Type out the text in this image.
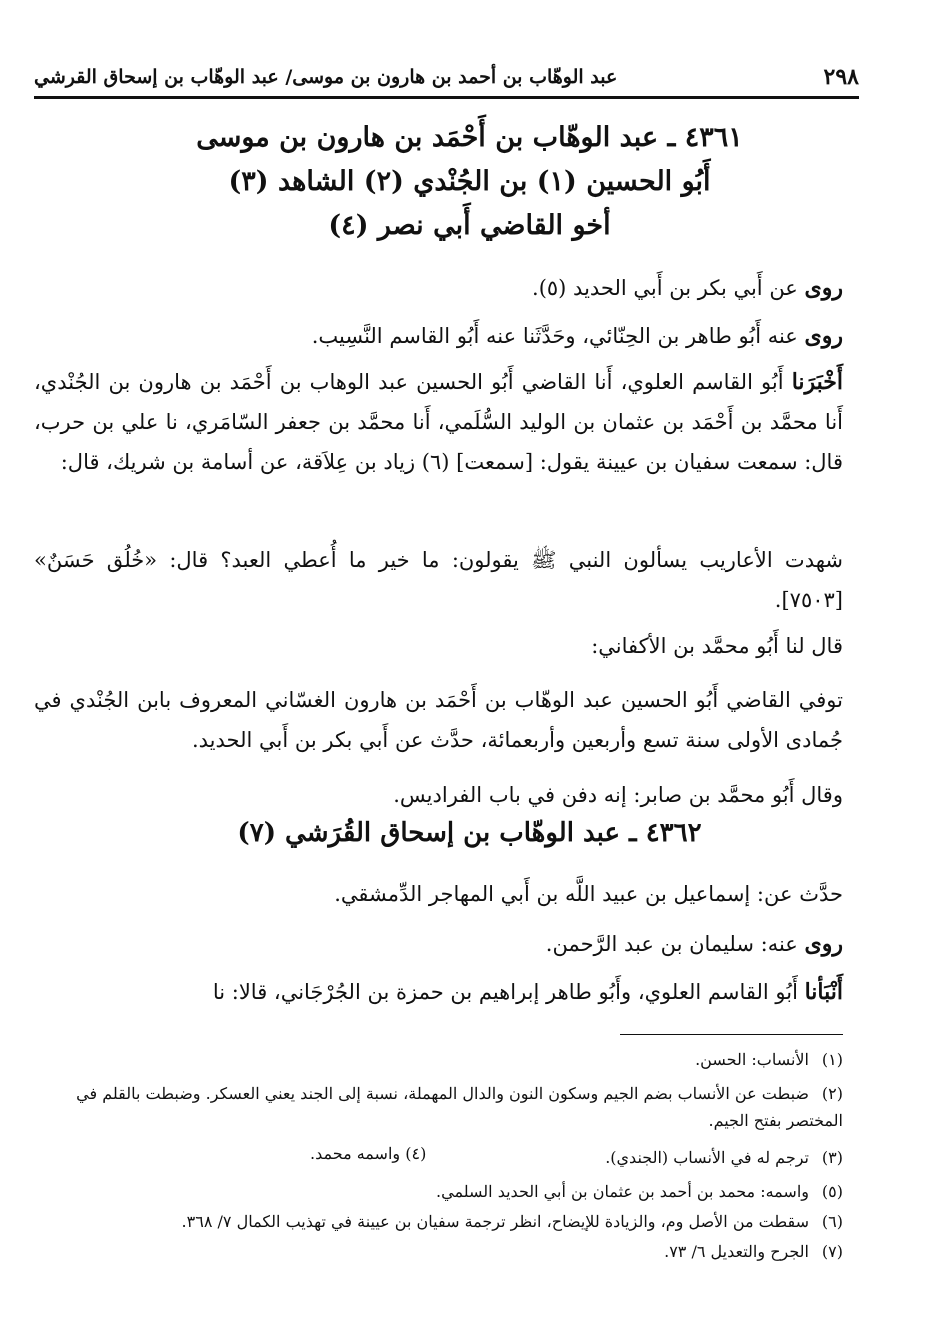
٢٩٨
عبد الوهّاب بن أحمد بن هارون بن موسى/ عبد الوهّاب بن إسحاق القرشي
٤٣٦١ ـ عبد الوهّاب بن أَحْمَد بن هارون بن موسى
أَبُو الحسين (١) بن الجُنْدي (٢) الشاهد (٣)
أخو القاضي أَبي نصر (٤)
روى عن أَبي بكر بن أَبي الحديد (٥).
روى عنه أَبُو طاهر بن الحِنّائي، وحَدَّثَنا عنه أَبُو القاسم النَّسِيب.
أَخْبَرَنا أَبُو القاسم العلوي، أَنا القاضي أَبُو الحسين عبد الوهاب بن أَحْمَد بن هارون بن الجُنْدي، أَنا محمَّد بن أَحْمَد بن عثمان بن الوليد السُّلَمي، أَنا محمَّد بن جعفر السّامَري، نا علي بن حرب، قال: سمعت سفيان بن عيينة يقول: [سمعت] (٦) زياد بن عِلاَقة، عن أسامة بن شريك، قال:
شهدت الأعاريب يسألون النبي ﷺ يقولون: ما خير ما أُعطي العبد؟ قال: «خُلُق حَسَنٌ» [٧٥٠٣].
قال لنا أَبُو محمَّد بن الأكفاني:
توفي القاضي أَبُو الحسين عبد الوهّاب بن أَحْمَد بن هارون الغسّاني المعروف بابن الجُنْدي في جُمادى الأولى سنة تسع وأربعين وأربعمائة، حدَّث عن أَبي بكر بن أَبي الحديد.
وقال أَبُو محمَّد بن صابر: إنه دفن في باب الفراديس.
٤٣٦٢ ـ عبد الوهّاب بن إسحاق القُرَشي (٧)
حدَّث عن: إسماعيل بن عبيد اللَّه بن أَبي المهاجر الدِّمشقي.
روى عنه: سليمان بن عبد الرَّحمن.
أَنْبَأنا أَبُو القاسم العلوي، وأَبُو طاهر إبراهيم بن حمزة بن الجُرْجَاني، قالا: نا
(١)الأنساب: الحسن.
(٢)ضبطت عن الأنساب بضم الجيم وسكون النون والدال المهملة، نسبة إلى الجند يعني العسكر. وضبطت بالقلم في المختصر بفتح الجيم.
(٣)ترجم له في الأنساب (الجندي).
(٤) واسمه محمد.
(٥)واسمه: محمد بن أحمد بن عثمان بن أبي الحديد السلمي.
(٦)سقطت من الأصل وم، والزيادة للإيضاح، انظر ترجمة سفيان بن عيينة في تهذيب الكمال ٧/ ٣٦٨.
(٧)الجرح والتعديل ٦/ ٧٣.
